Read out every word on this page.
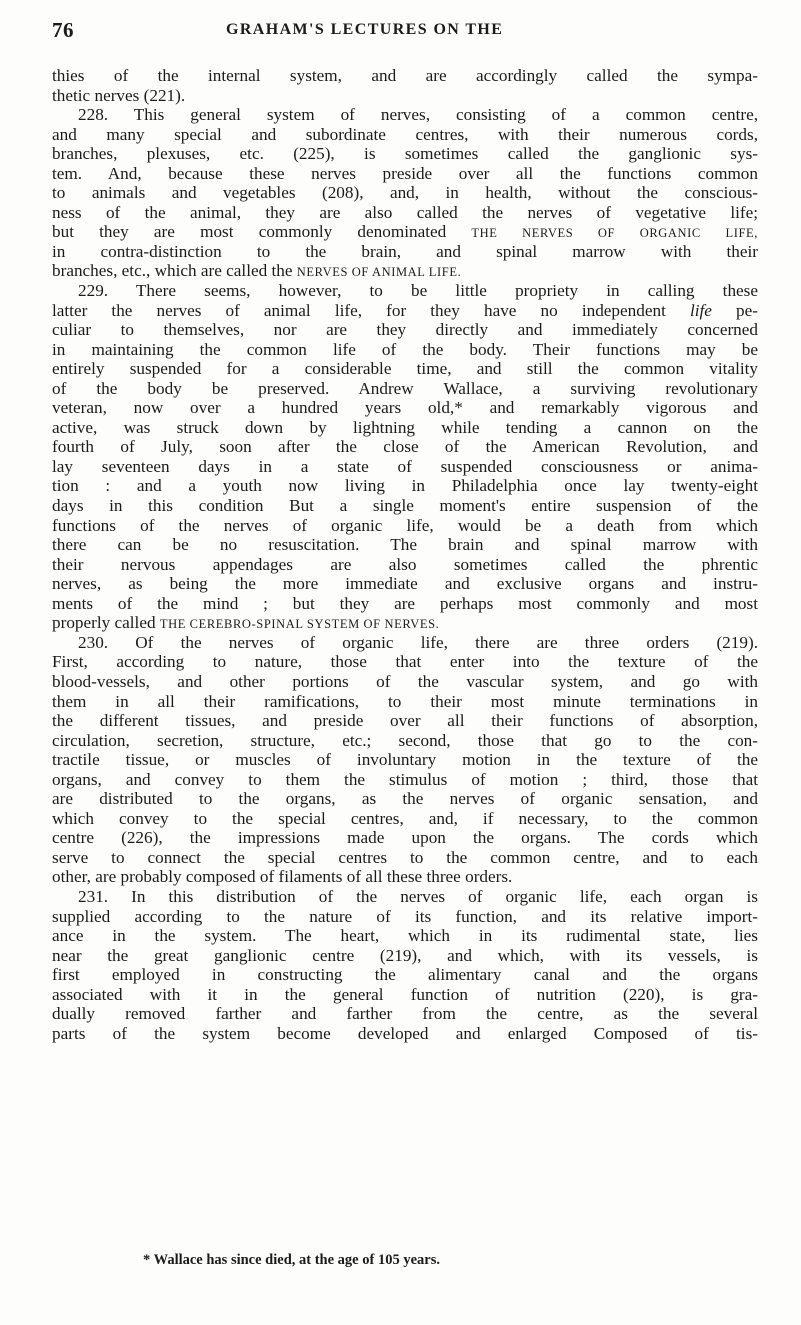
76	GRAHAM'S LECTURES ON THE
thies of the internal system, and are accordingly called the sympa-
thetic nerves (221).
228. This general system of nerves, consisting of a common centre,
and many special and subordinate centres, with their numerous cords,
branches, plexuses, etc. (225), is sometimes called the ganglionic sys-
tem. And, because these nerves preside over all the functions common
to animals and vegetables (208), and, in health, without the conscious-
ness of the animal, they are also called the nerves of vegetative life;
but they are most commonly denominated THE NERVES OF ORGANIC LIFE,
in contra-distinction to the brain, and spinal marrow with their
branches, etc., which are called the NERVES OF ANIMAL LIFE.
229. There seems, however, to be little propriety in calling these
latter the nerves of animal life, for they have no independent life pe-
culiar to themselves, nor are they directly and immediately concerned
in maintaining the common life of the body. Their functions may be
entirely suspended for a considerable time, and still the common vitality
of the body be preserved. Andrew Wallace, a surviving revolutionary
veteran, now over a hundred years old,* and remarkably vigorous and
active, was struck down by lightning while tending a cannon on the
fourth of July, soon after the close of the American Revolution, and
lay seventeen days in a state of suspended consciousness or anima-
tion : and a youth now living in Philadelphia once lay twenty-eight
days in this condition But a single moment's entire suspension of the
functions of the nerves of organic life, would be a death from which
there can be no resuscitation. The brain and spinal marrow with
their nervous appendages are also sometimes called the phrentic
nerves, as being the more immediate and exclusive organs and instru-
ments of the mind ; but they are perhaps most commonly and most
properly called THE CEREBRO-SPINAL SYSTEM OF NERVES.
230. Of the nerves of organic life, there are three orders (219).
First, according to nature, those that enter into the texture of the
blood-vessels, and other portions of the vascular system, and go with
them in all their ramifications, to their most minute terminations in
the different tissues, and preside over all their functions of absorption,
circulation, secretion, structure, etc.; second, those that go to the con-
tractile tissue, or muscles of involuntary motion in the texture of the
organs, and convey to them the stimulus of motion ; third, those that
are distributed to the organs, as the nerves of organic sensation, and
which convey to the special centres, and, if necessary, to the common
centre (226), the impressions made upon the organs. The cords which
serve to connect the special centres to the common centre, and to each
other, are probably composed of filaments of all these three orders.
231. In this distribution of the nerves of organic life, each organ is
supplied according to the nature of its function, and its relative import-
ance in the system. The heart, which in its rudimental state, lies
near the great ganglionic centre (219), and which, with its vessels, is
first employed in constructing the alimentary canal and the organs
associated with it in the general function of nutrition (220), is gra-
dually removed farther and farther from the centre, as the several
parts of the system become developed and enlarged Composed of tis-
* Wallace has since died, at the age of 105 years.
